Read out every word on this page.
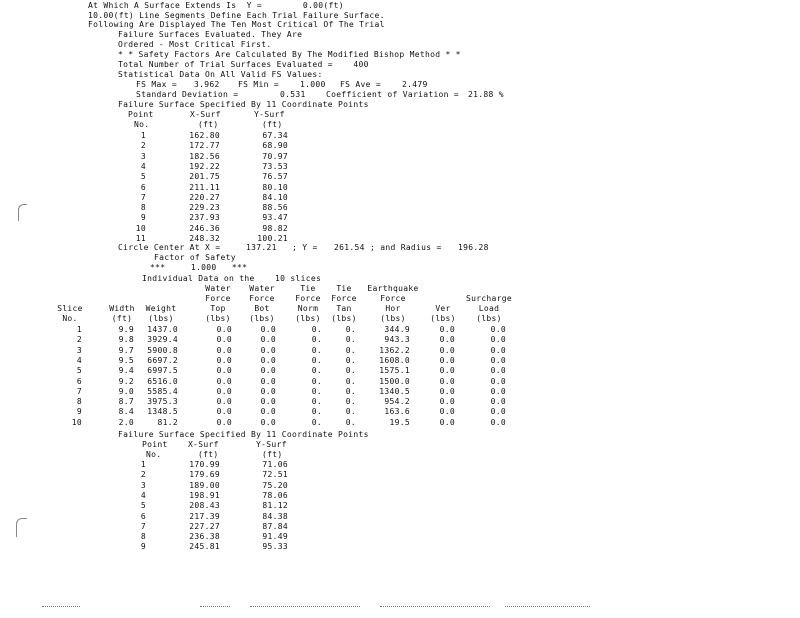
At Which A Surface Extends Is  Y =        0.00(ft)
10.00(ft) Line Segments Define Each Trial Failure Surface.
Following Are Displayed The Ten Most Critical Of The Trial
Failure Surfaces Evaluated. They Are
Ordered - Most Critical First.
* * Safety Factors Are Calculated By The Modified Bishop Method * *
Total Number of Trial Surfaces Evaluated =    400
Statistical Data On All Valid FS Values:
FS Max = 3.962 FS Min =	1.000 FS Ave =	2.479
Standard Deviation =	0.531	Coefficient of Variation = 21.88 %
Failure Surface Specified By 11 Coordinate Points
Point	X-Surf	Y-Surf
No.	(ft)	(ft)
1	162.80	67.34
2	172.77	68.90
3	182.56	70.97
4	192.22	73.53
5	201.75	76.57
6	211.11	80.10
7	220.27	84.10
8	229.23	88.56
9	237.93	93.47
10	246.36	98.82
11	248.32	100.21
Circle Center At X =	137.21 ; Y = 261.54 ; and Radius = 196.28
Factor of Safety
***     1.000   ***
Individual Data on the    10 slices
Water	Water	Tie	Tie	Earthquake
Force	Force	Force	Force	Force	Surcharge
Slice	Width	Weight	Top	Bot	Norm	Tan	Hor	Ver	Load
No.	(ft)	(lbs)	(lbs)	(lbs)	(lbs)	(lbs)	(lbs)	(lbs)	(lbs)
1	9.9	1437.0	0.0	0.0	0.	0.	344.9	0.0	0.0
2	9.8	3929.4	0.0	0.0	0.	0.	943.3	0.0	0.0
3	9.7	5900.8	0.0	0.0	0.	0.	1362.2	0.0	0.0
4	9.5	6697.2	0.0	0.0	0.	0.	1608.0	0.0	0.0
5	9.4	6997.5	0.0	0.0	0.	0.	1575.1	0.0	0.0
6	9.2	6516.0	0.0	0.0	0.	0.	1500.0	0.0	0.0
7	9.0	5585.4	0.0	0.0	0.	0.	1340.5	0.0	0.0
8	8.7	3975.3	0.0	0.0	0.	0.	954.2	0.0	0.0
9	8.4	1348.5	0.0	0.0	0.	0.	163.6	0.0	0.0
10	2.0	81.2	0.0	0.0	0.	0.	19.5	0.0	0.0
Failure Surface Specified By 11 Coordinate Points
Point	X-Surf	Y-Surf
No.	(ft)	(ft)
1	170.99	71.06
2	179.69	72.51
3	189.00	75.20
4	198.91	78.06
5	208.43	81.12
6	217.39	84.38
7	227.27	87.84
8	236.38	91.49
9	245.81	95.33
